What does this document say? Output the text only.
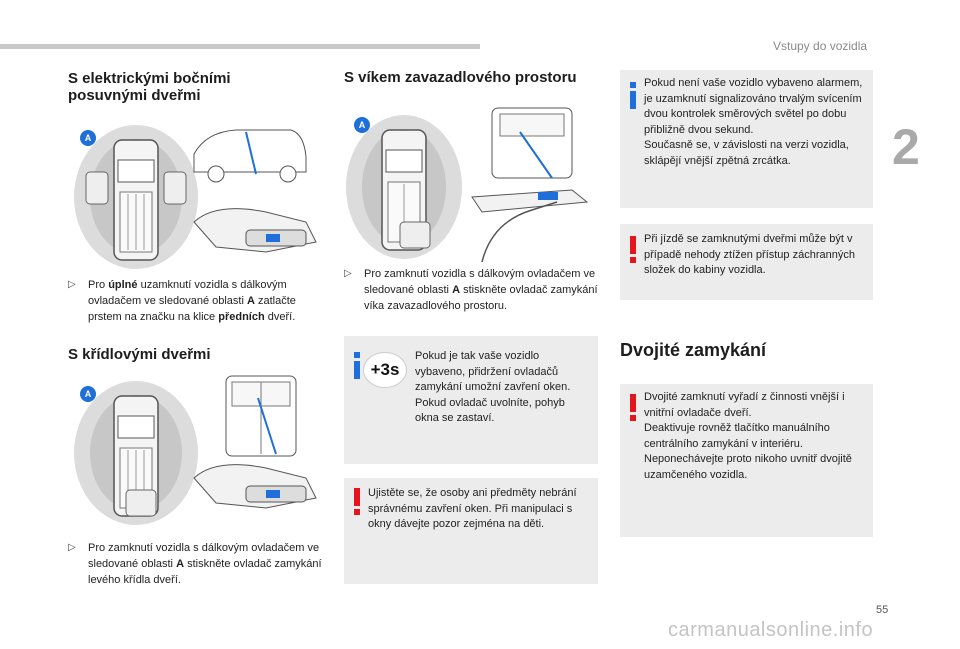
Vstupy do vozidla
2
55
carmanualsonline.info
S elektrickými bočními
posuvnými dveřmi
A
▷ Pro úplné uzamknutí vozidla s dálkovým ovladačem ve sledované oblasti A zatlačte prstem na značku na klice předních dveří.
S křídlovými dveřmi
A
▷ Pro zamknutí vozidla s dálkovým ovladačem ve sledované oblasti A stiskněte ovladač zamykání levého křídla dveří.
S víkem zavazadlového prostoru
A
▷ Pro zamknutí vozidla s dálkovým ovladačem ve sledované oblasti A stiskněte ovladač zamykání víka zavazadlového prostoru.
+3s
Pokud je tak vaše vozidlo vybaveno, přidržení ovladačů zamykání umožní zavření oken. Pokud ovladač uvolníte, pohyb okna se zastaví.
Ujistěte se, že osoby ani předměty nebrání správnému zavření oken. Při manipulaci s okny dávejte pozor zejména na děti.
Pokud není vaše vozidlo vybaveno alarmem, je uzamknutí signalizováno trvalým svícením dvou kontrolek směrových světel po dobu přibližně dvou sekund.
Současně se, v závislosti na verzi vozidla, sklápějí vnější zpětná zrcátka.
Při jízdě se zamknutými dveřmi může být v případě nehody ztížen přístup záchranných složek do kabiny vozidla.
Dvojité zamykání
Dvojité zamknutí vyřadí z činnosti vnější i vnitřní ovladače dveří.
Deaktivuje rovněž tlačítko manuálního centrálního zamykání v interiéru.
Neponechávejte proto nikoho uvnitř dvojitě uzamčeného vozidla.
